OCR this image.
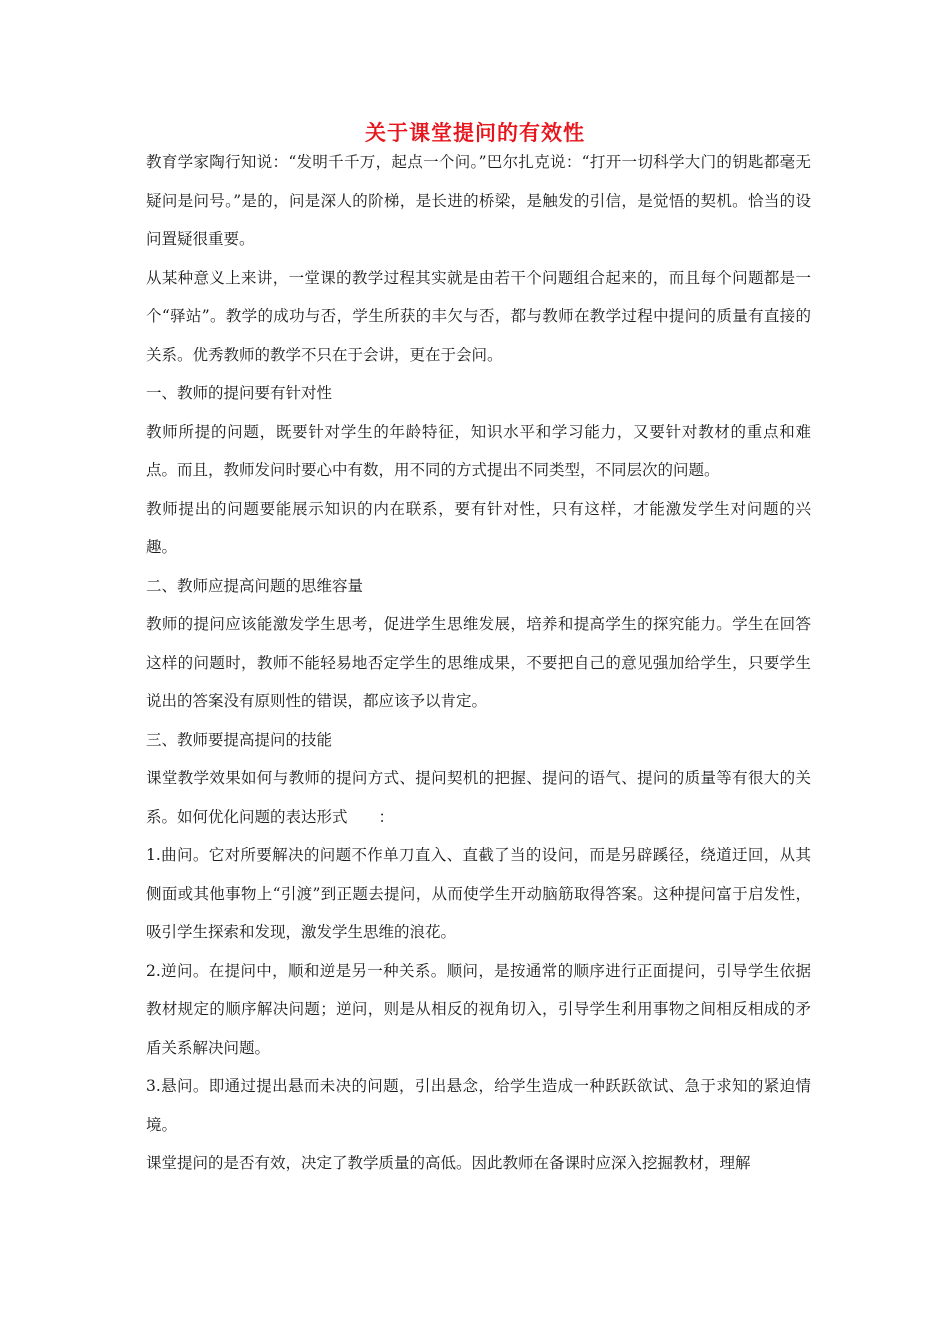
关于课堂提问的有效性

教育学家陶行知说：“发明千千万，起点一个问。”巴尔扎克说：“打开一切科学大门的钥匙都毫无疑问是问号。”是的，问是深人的阶梯，是长进的桥梁，是触发的引信，是觉悟的契机。恰当的设问置疑很重要。

从某种意义上来讲，一堂课的教学过程其实就是由若干个问题组合起来的，而且每个问题都是一个“驿站”。教学的成功与否，学生所获的丰欠与否，都与教师在教学过程中提问的质量有直接的关系。优秀教师的教学不只在于会讲，更在于会问。

一、教师的提问要有针对性

教师所提的问题，既要针对学生的年龄特征，知识水平和学习能力，又要针对教材的重点和难点。而且，教师发问时要心中有数，用不同的方式提出不同类型，不同层次的问题。

教师提出的问题要能展示知识的内在联系，要有针对性，只有这样，才能激发学生对问题的兴趣。

二、教师应提高问题的思维容量

教师的提问应该能激发学生思考，促进学生思维发展，培养和提高学生的探究能力。学生在回答这样的问题时，教师不能轻易地否定学生的思维成果，不要把自己的意见强加给学生，只要学生说出的答案没有原则性的错误，都应该予以肯定。

三、教师要提高提问的技能

课堂教学效果如何与教师的提问方式、提问契机的把握、提问的语气、提问的质量等有很大的关系。如何优化问题的表达形式　　：

1.曲问。它对所要解决的问题不作单刀直入、直截了当的设问，而是另辟蹊径，绕道迂回，从其侧面或其他事物上“引渡”到正题去提问，从而使学生开动脑筋取得答案。这种提问富于启发性，吸引学生探索和发现，激发学生思维的浪花。

2.逆问。在提问中，顺和逆是另一种关系。顺问，是按通常的顺序进行正面提问，引导学生依据教材规定的顺序解决问题；逆问，则是从相反的视角切入，引导学生利用事物之间相反相成的矛盾关系解决问题。

3.悬问。即通过提出悬而未决的问题，引出悬念，给学生造成一种跃跃欲试、急于求知的紧迫情境。

课堂提问的是否有效，决定了教学质量的高低。因此教师在备课时应深入挖掘教材，理解
